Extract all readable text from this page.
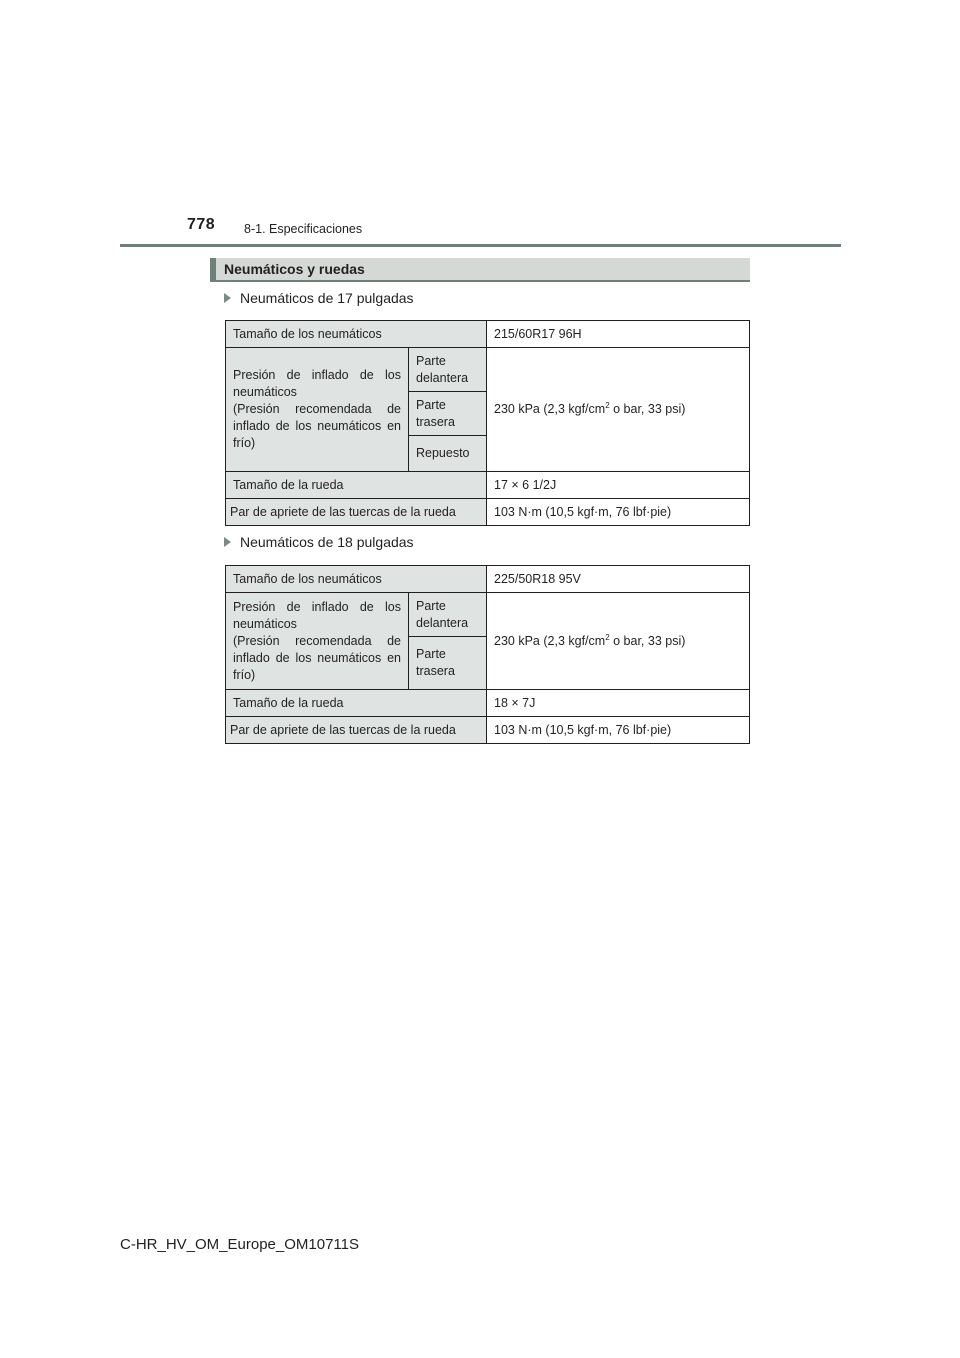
778 8-1. Especificaciones
Neumáticos y ruedas
Neumáticos de 17 pulgadas
Tamaño de los neumáticos		215/60R17 96H

Presión de inflado de los neumáticos
(Presión recomendada de inflado de los neumáticos en frío)	Parte delantera	230 kPa (2,3 kgf/$cm^2$ o bar, 33 psi)
	Parte trasera	
	Repuesto	
Tamaño de la rueda		17 × 6 1/2J
Par de apriete de las tuercas de la rueda		103 N·m (10,5 kgf·m, 76 lbf·pie)
Neumáticos de 18 pulgadas
Tamaño de los neumáticos		225/50R18 95V

Presión de inflado de los neumáticos
(Presión recomendada de inflado de los neumáticos en frío)	Parte delantera	230 kPa (2,3 kgf/$cm^2$ o bar, 33 psi)
	Parte trasera	
Tamaño de la rueda		18 × 7J
Par de apriete de las tuercas de la rueda		103 N·m (10,5 kgf·m, 76 lbf·pie)
C-HR_HV_OM_Europe_OM10711S
